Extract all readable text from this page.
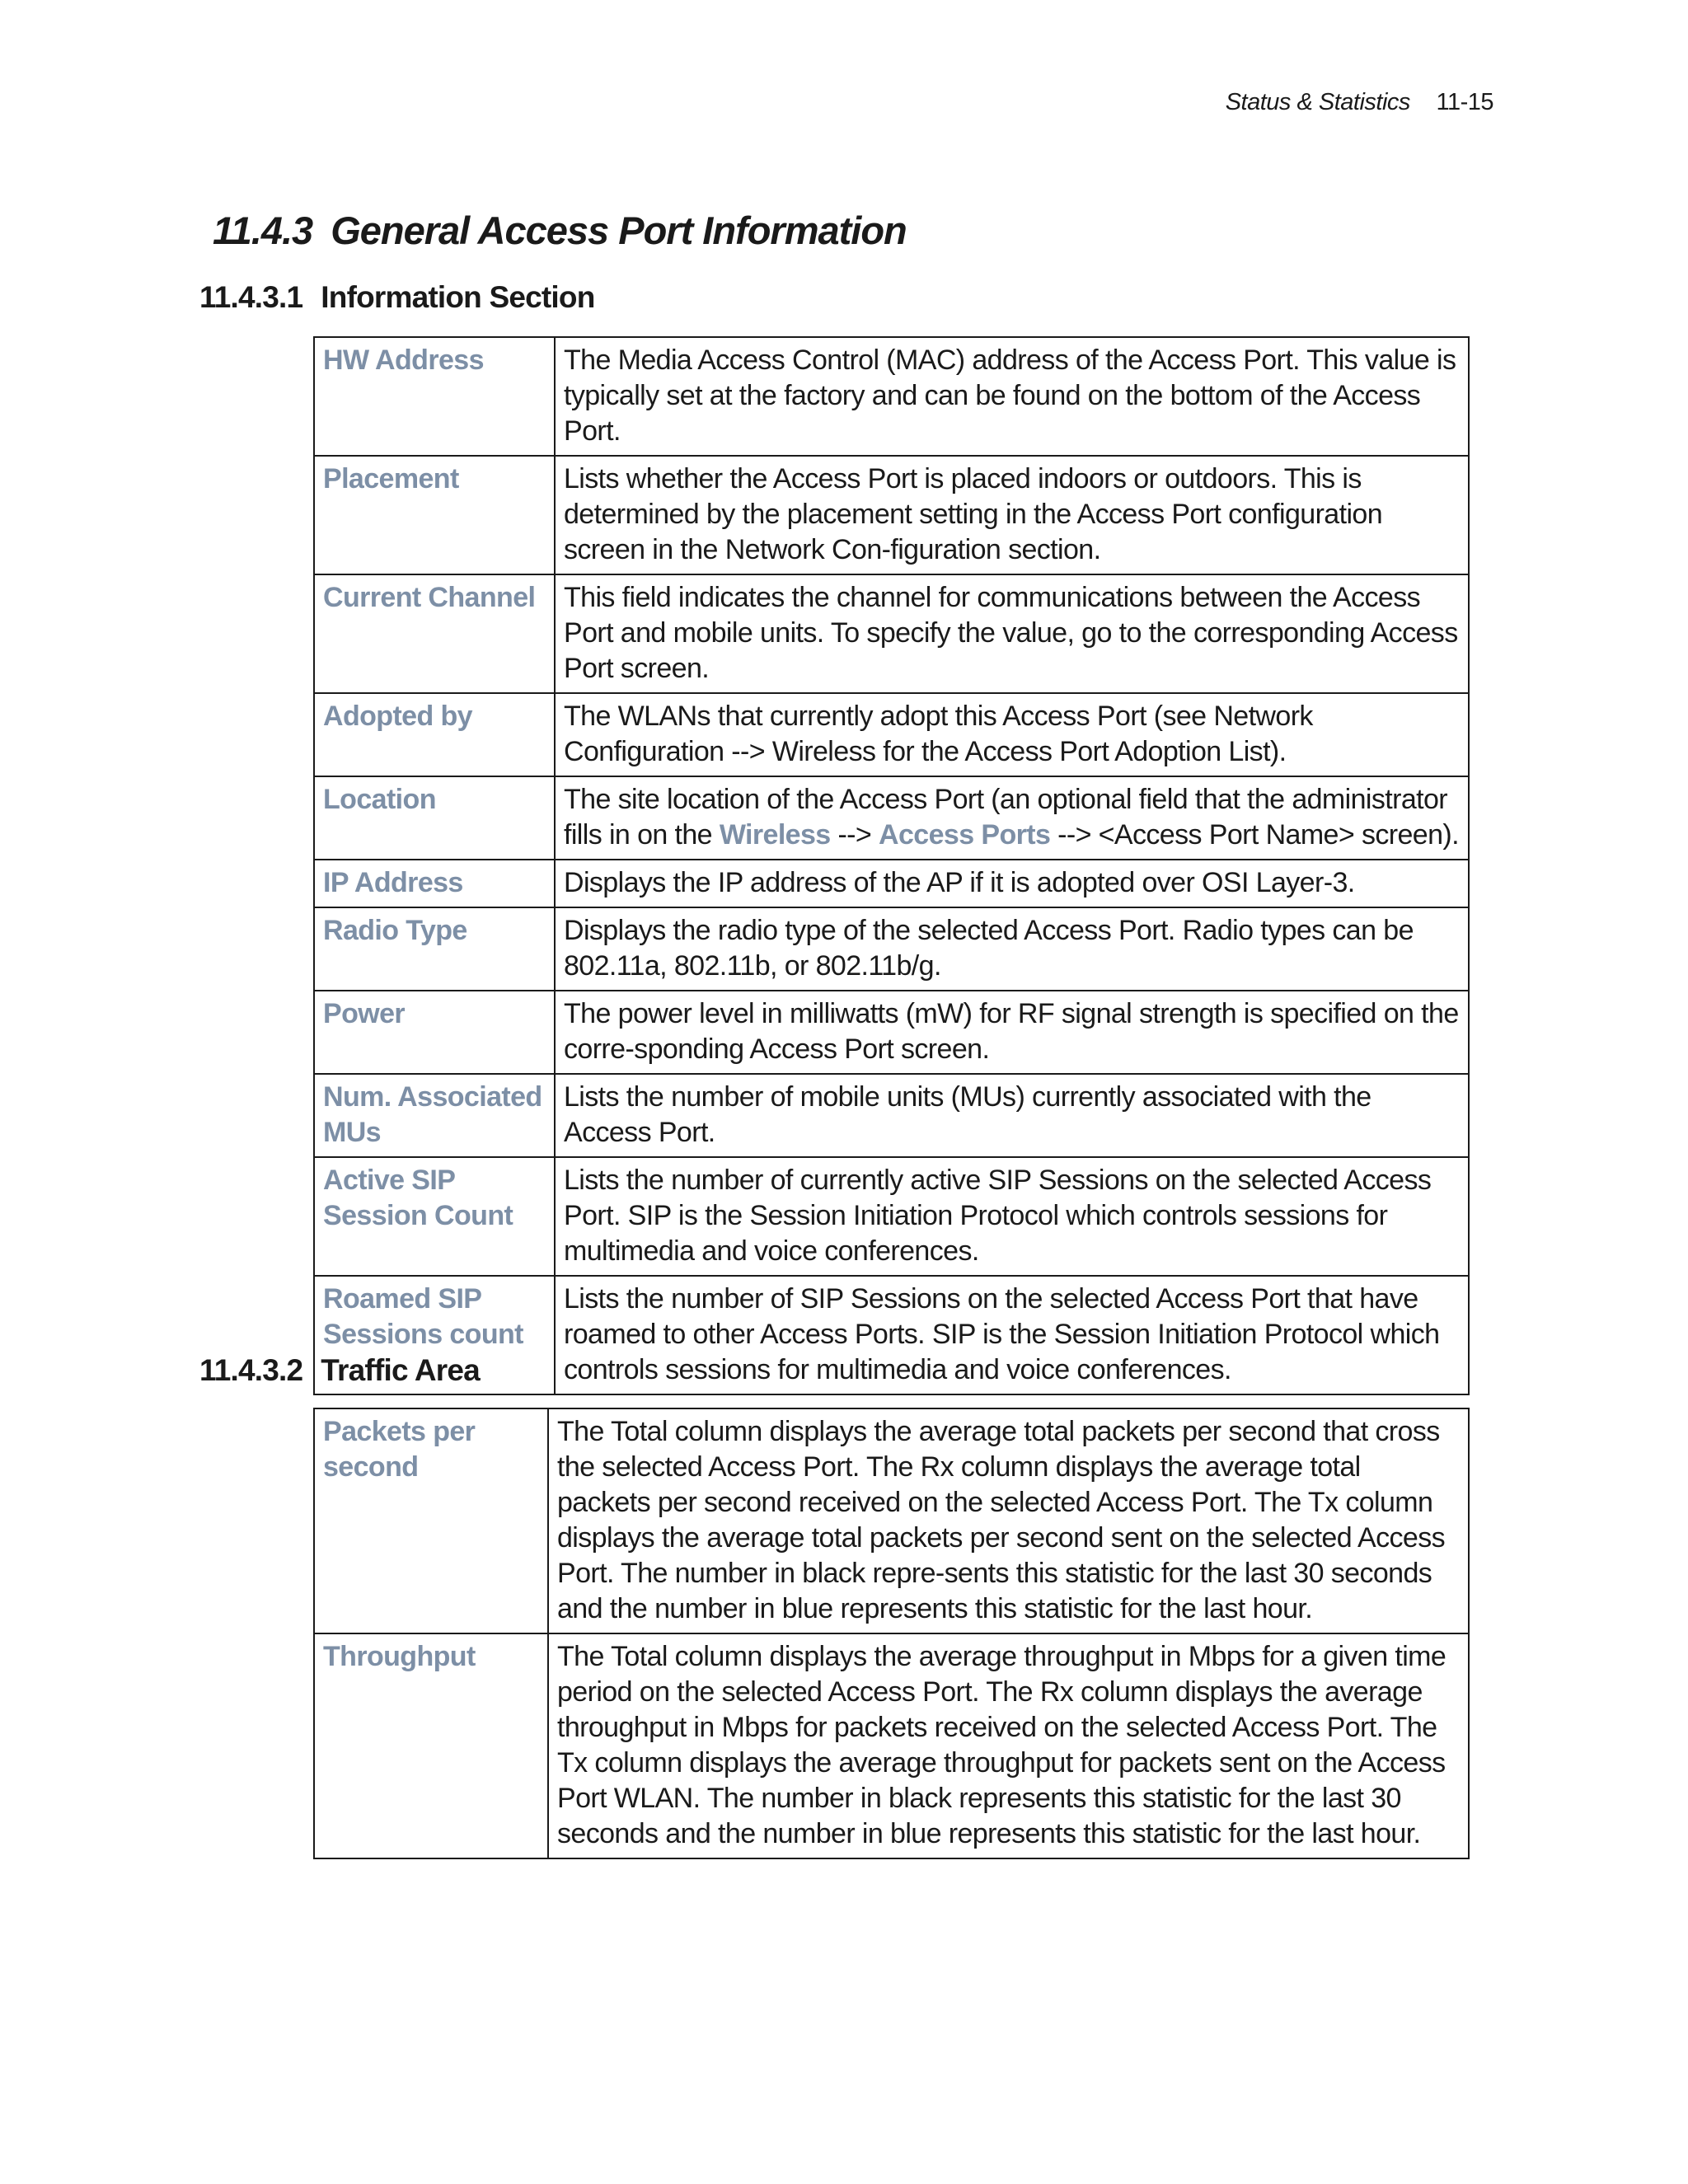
Status & Statistics 11-15
11.4.3 General Access Port Information
11.4.3.1 Information Section
HW Address	The Media Access Control (MAC) address of the Access Port. This value is typically set at the factory and can be found on the bottom of the Access Port.
Placement	Lists whether the Access Port is placed indoors or outdoors. This is determined by the placement setting in the Access Port configuration screen in the Network Con-figuration section.
Current Channel	This field indicates the channel for communications between the Access Port and mobile units. To specify the value, go to the corresponding Access Port screen.
Adopted by	The WLANs that currently adopt this Access Port (see Network Configuration --> Wireless for the Access Port Adoption List).
Location	The site location of the Access Port (an optional field that the administrator fills in on the Wireless --> Access Ports --> <Access Port Name> screen).
IP Address	Displays the IP address of the AP if it is adopted over OSI Layer-3.
Radio Type	Displays the radio type of the selected Access Port. Radio types can be 802.11a, 802.11b, or 802.11b/g.
Power	The power level in milliwatts (mW) for RF signal strength is specified on the corre-sponding Access Port screen.
Num. Associated MUs	Lists the number of mobile units (MUs) currently associated with the Access Port.
Active SIP Session Count	Lists the number of currently active SIP Sessions on the selected Access Port. SIP is the Session Initiation Protocol which controls sessions for multimedia and voice conferences.
Roamed SIP Sessions count	Lists the number of SIP Sessions on the selected Access Port that have roamed to other Access Ports. SIP is the Session Initiation Protocol which controls sessions for multimedia and voice conferences.
11.4.3.2 Traffic Area
Packets per second	The Total column displays the average total packets per second that cross the selected Access Port. The Rx column displays the average total packets per second received on the selected Access Port. The Tx column displays the average total packets per second sent on the selected Access Port. The number in black repre-sents this statistic for the last 30 seconds and the number in blue represents this statistic for the last hour.
Throughput	The Total column displays the average throughput in Mbps for a given time period on the selected Access Port. The Rx column displays the average throughput in Mbps for packets received on the selected Access Port. The Tx column displays the average throughput for packets sent on the Access Port WLAN. The number in black represents this statistic for the last 30 seconds and the number in blue represents this statistic for the last hour.
